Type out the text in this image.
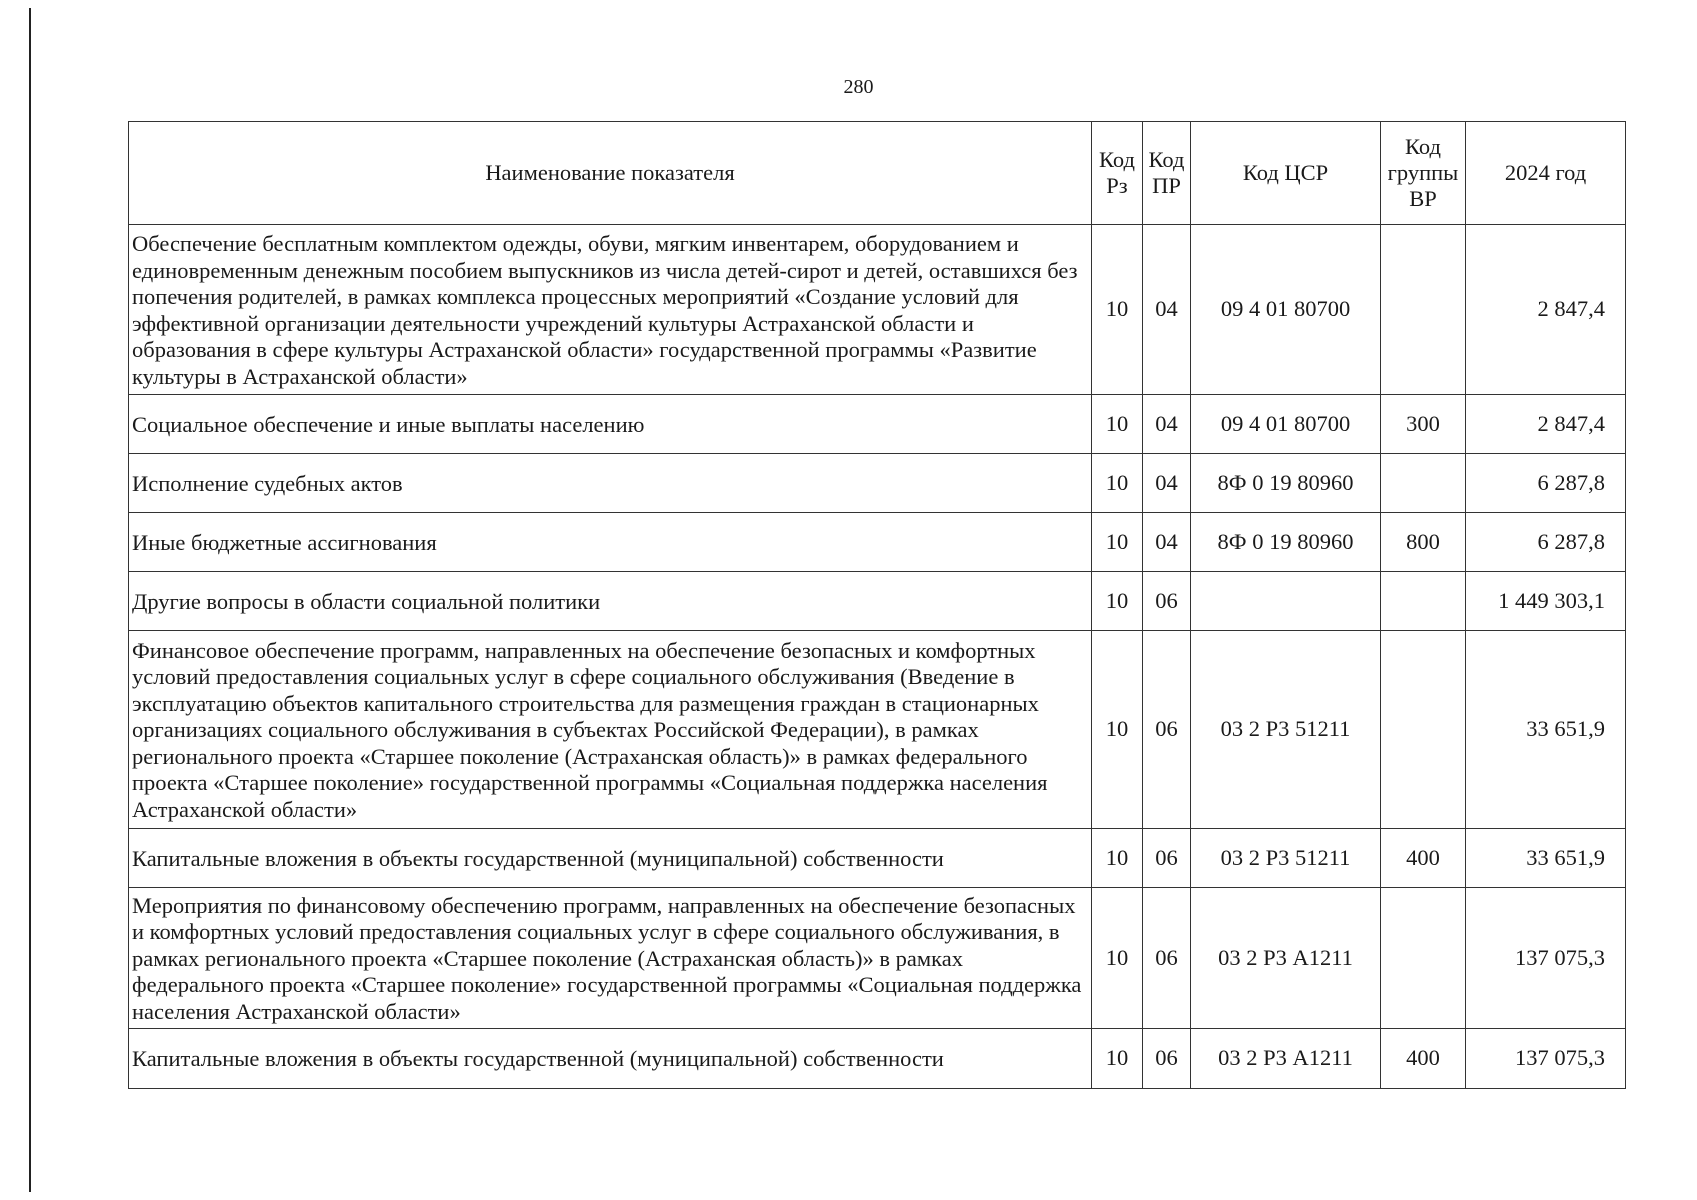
280
Наименование показателя	Код Рз	Код ПР	Код ЦСР	Код группы ВР	2024 год
Обеспечение бесплатным комплектом одежды, обуви, мягким инвентарем, оборудованием и единовременным денежным пособием выпускников из числа детей-сирот и детей, оставшихся без попечения родителей, в рамках комплекса процессных мероприятий «Создание условий для эффективной организации деятельности учреждений культуры Астраханской области и образования в сфере культуры Астраханской области» государственной программы «Развитие культуры в Астраханской области»	10	04	09 4 01 80700		2 847,4
Социальное обеспечение и иные выплаты населению	10	04	09 4 01 80700	300	2 847,4
Исполнение судебных актов	10	04	8Ф 0 19 80960		6 287,8
Иные бюджетные ассигнования	10	04	8Ф 0 19 80960	800	6 287,8
Другие вопросы в области социальной политики	10	06			1 449 303,1
Финансовое обеспечение программ, направленных на обеспечение безопасных и комфортных условий предоставления социальных услуг в сфере социального обслуживания (Введение в эксплуатацию объектов капитального строительства для размещения граждан в стационарных организациях социального обслуживания в субъектах Российской Федерации), в рамках регионального проекта «Старшее поколение (Астраханская область)» в рамках федерального проекта «Старшее поколение» государственной программы «Социальная поддержка населения Астраханской области»	10	06	03 2 Р3 51211		33 651,9
Капитальные вложения в объекты государственной (муниципальной) собственности	10	06	03 2 Р3 51211	400	33 651,9
Мероприятия по финансовому обеспечению программ, направленных на обеспечение безопасных и комфортных условий предоставления социальных услуг в сфере социального обслуживания, в рамках регионального проекта «Старшее поколение (Астраханская область)» в рамках федерального проекта «Старшее поколение» государственной программы «Социальная поддержка населения Астраханской области»	10	06	03 2 Р3 А1211		137 075,3
Капитальные вложения в объекты государственной (муниципальной) собственности	10	06	03 2 Р3 А1211	400	137 075,3
